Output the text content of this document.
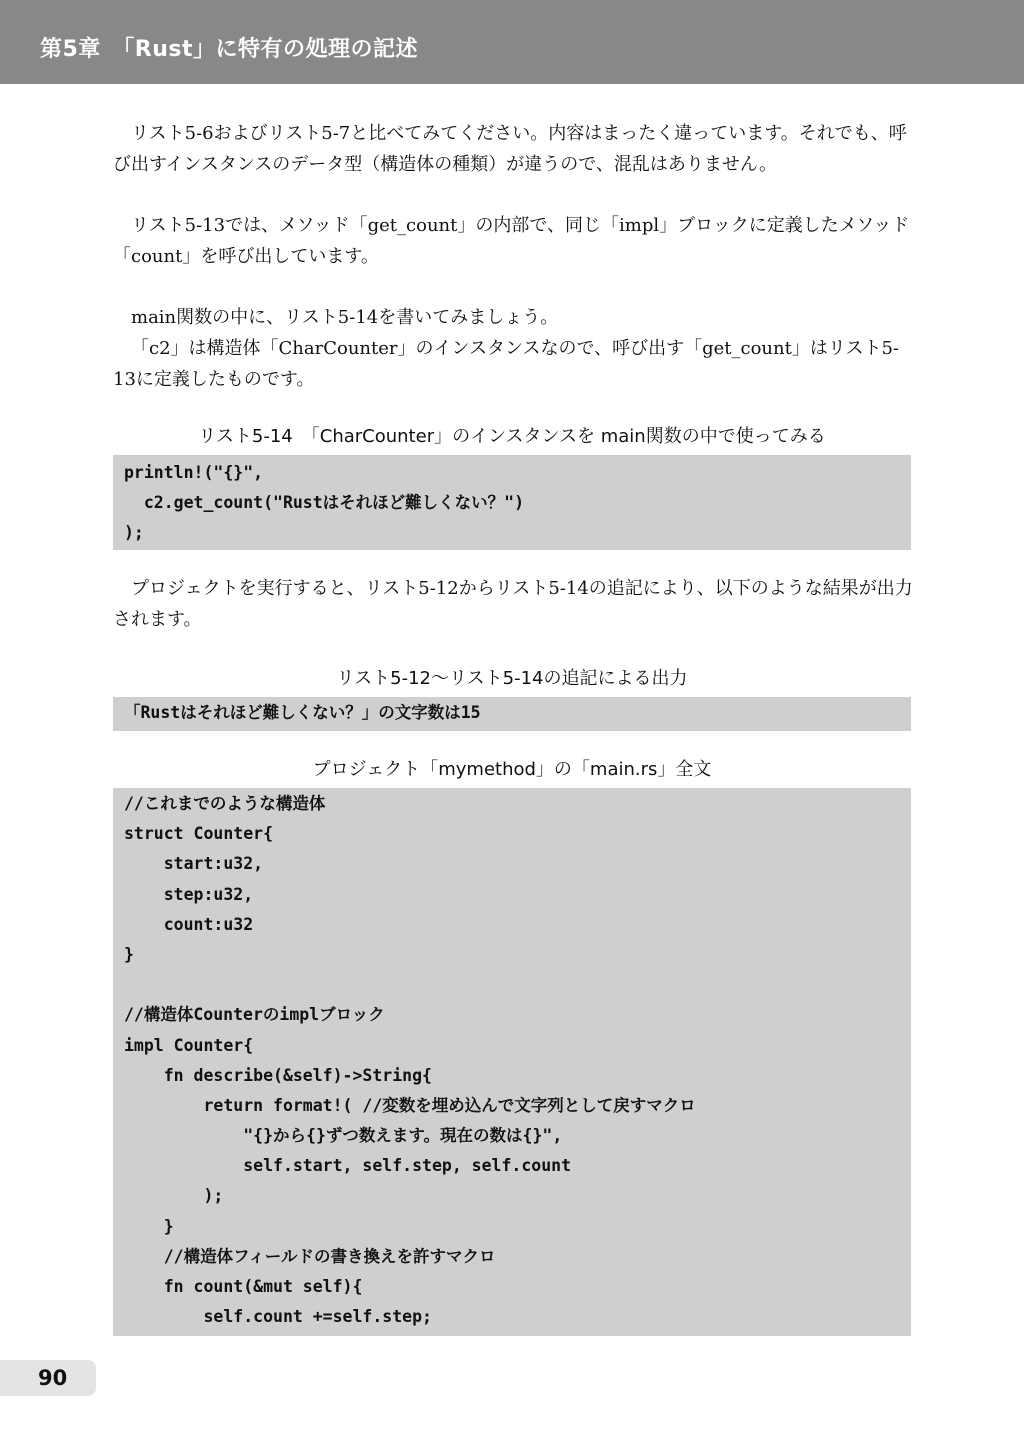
第5章　「Rust」に特有の処理の記述

リスト5-6およびリスト5-7と比べてみてください。内容はまったく違っています。それでも、呼び出すインスタンスのデータ型（構造体の種類）が違うので、混乱はありません。

リスト5-13では、メソッド「get_count」の内部で、同じ「impl」ブロックに定義したメソッド「count」を呼び出しています。

main関数の中に、リスト5-14を書いてみましょう。

「c2」は構造体「CharCounter」のインスタンスなので、呼び出す「get_count」はリスト5-13に定義したものです。

リスト5-14　「CharCounter」のインスタンスを main関数の中で使ってみる
println!("{}",
c2.get_count("Rustはそれほど難しくない？")
);

プロジェクトを実行すると、リスト5-12からリスト5-14の追記により、以下のような結果が出力されます。

リスト5-12～リスト5-14の追記による出力
「Rustはそれほど難しくない？」の文字数は15
プロジェクト「mymethod」の「main.rs」全文
//これまでのような構造体
struct Counter{
start:u32,
step:u32,
count:u32
}
//構造体Counterのimplブロック
impl Counter{
fn describe(&self)->String{
return format!( //変数を埋め込んで文字列として戻すマクロ
"{}から{}ずつ数えます。現在の数は{}",
self.start, self.step, self.count
);
}
//構造体フィールドの書き換えを許すマクロ
fn count(&mut self){
self.count +=self.step;
90
